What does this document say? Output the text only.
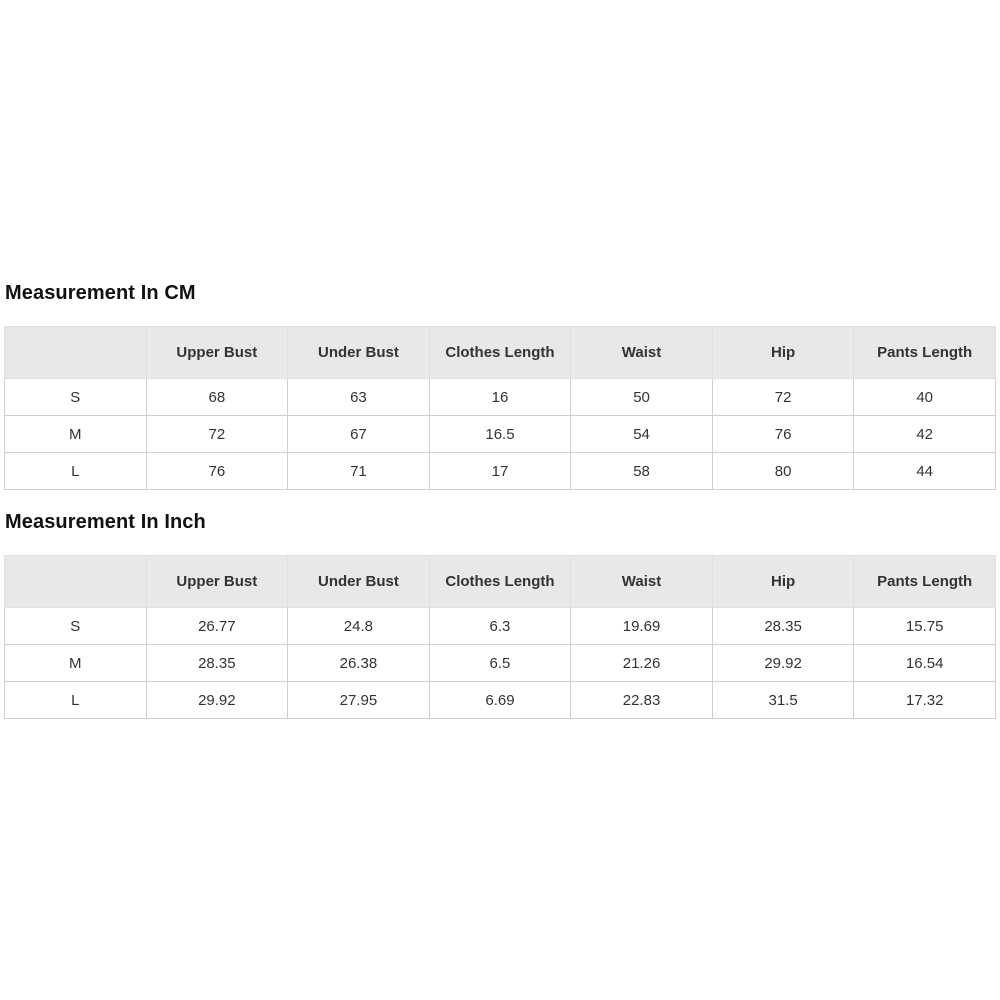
Measurement In CM
	Upper Bust	Under Bust	Clothes Length	Waist	Hip	Pants Length
S	68	63	16	50	72	40
M	72	67	16.5	54	76	42
L	76	71	17	58	80	44
Measurement In Inch
	Upper Bust	Under Bust	Clothes Length	Waist	Hip	Pants Length
S	26.77	24.8	6.3	19.69	28.35	15.75
M	28.35	26.38	6.5	21.26	29.92	16.54
L	29.92	27.95	6.69	22.83	31.5	17.32
